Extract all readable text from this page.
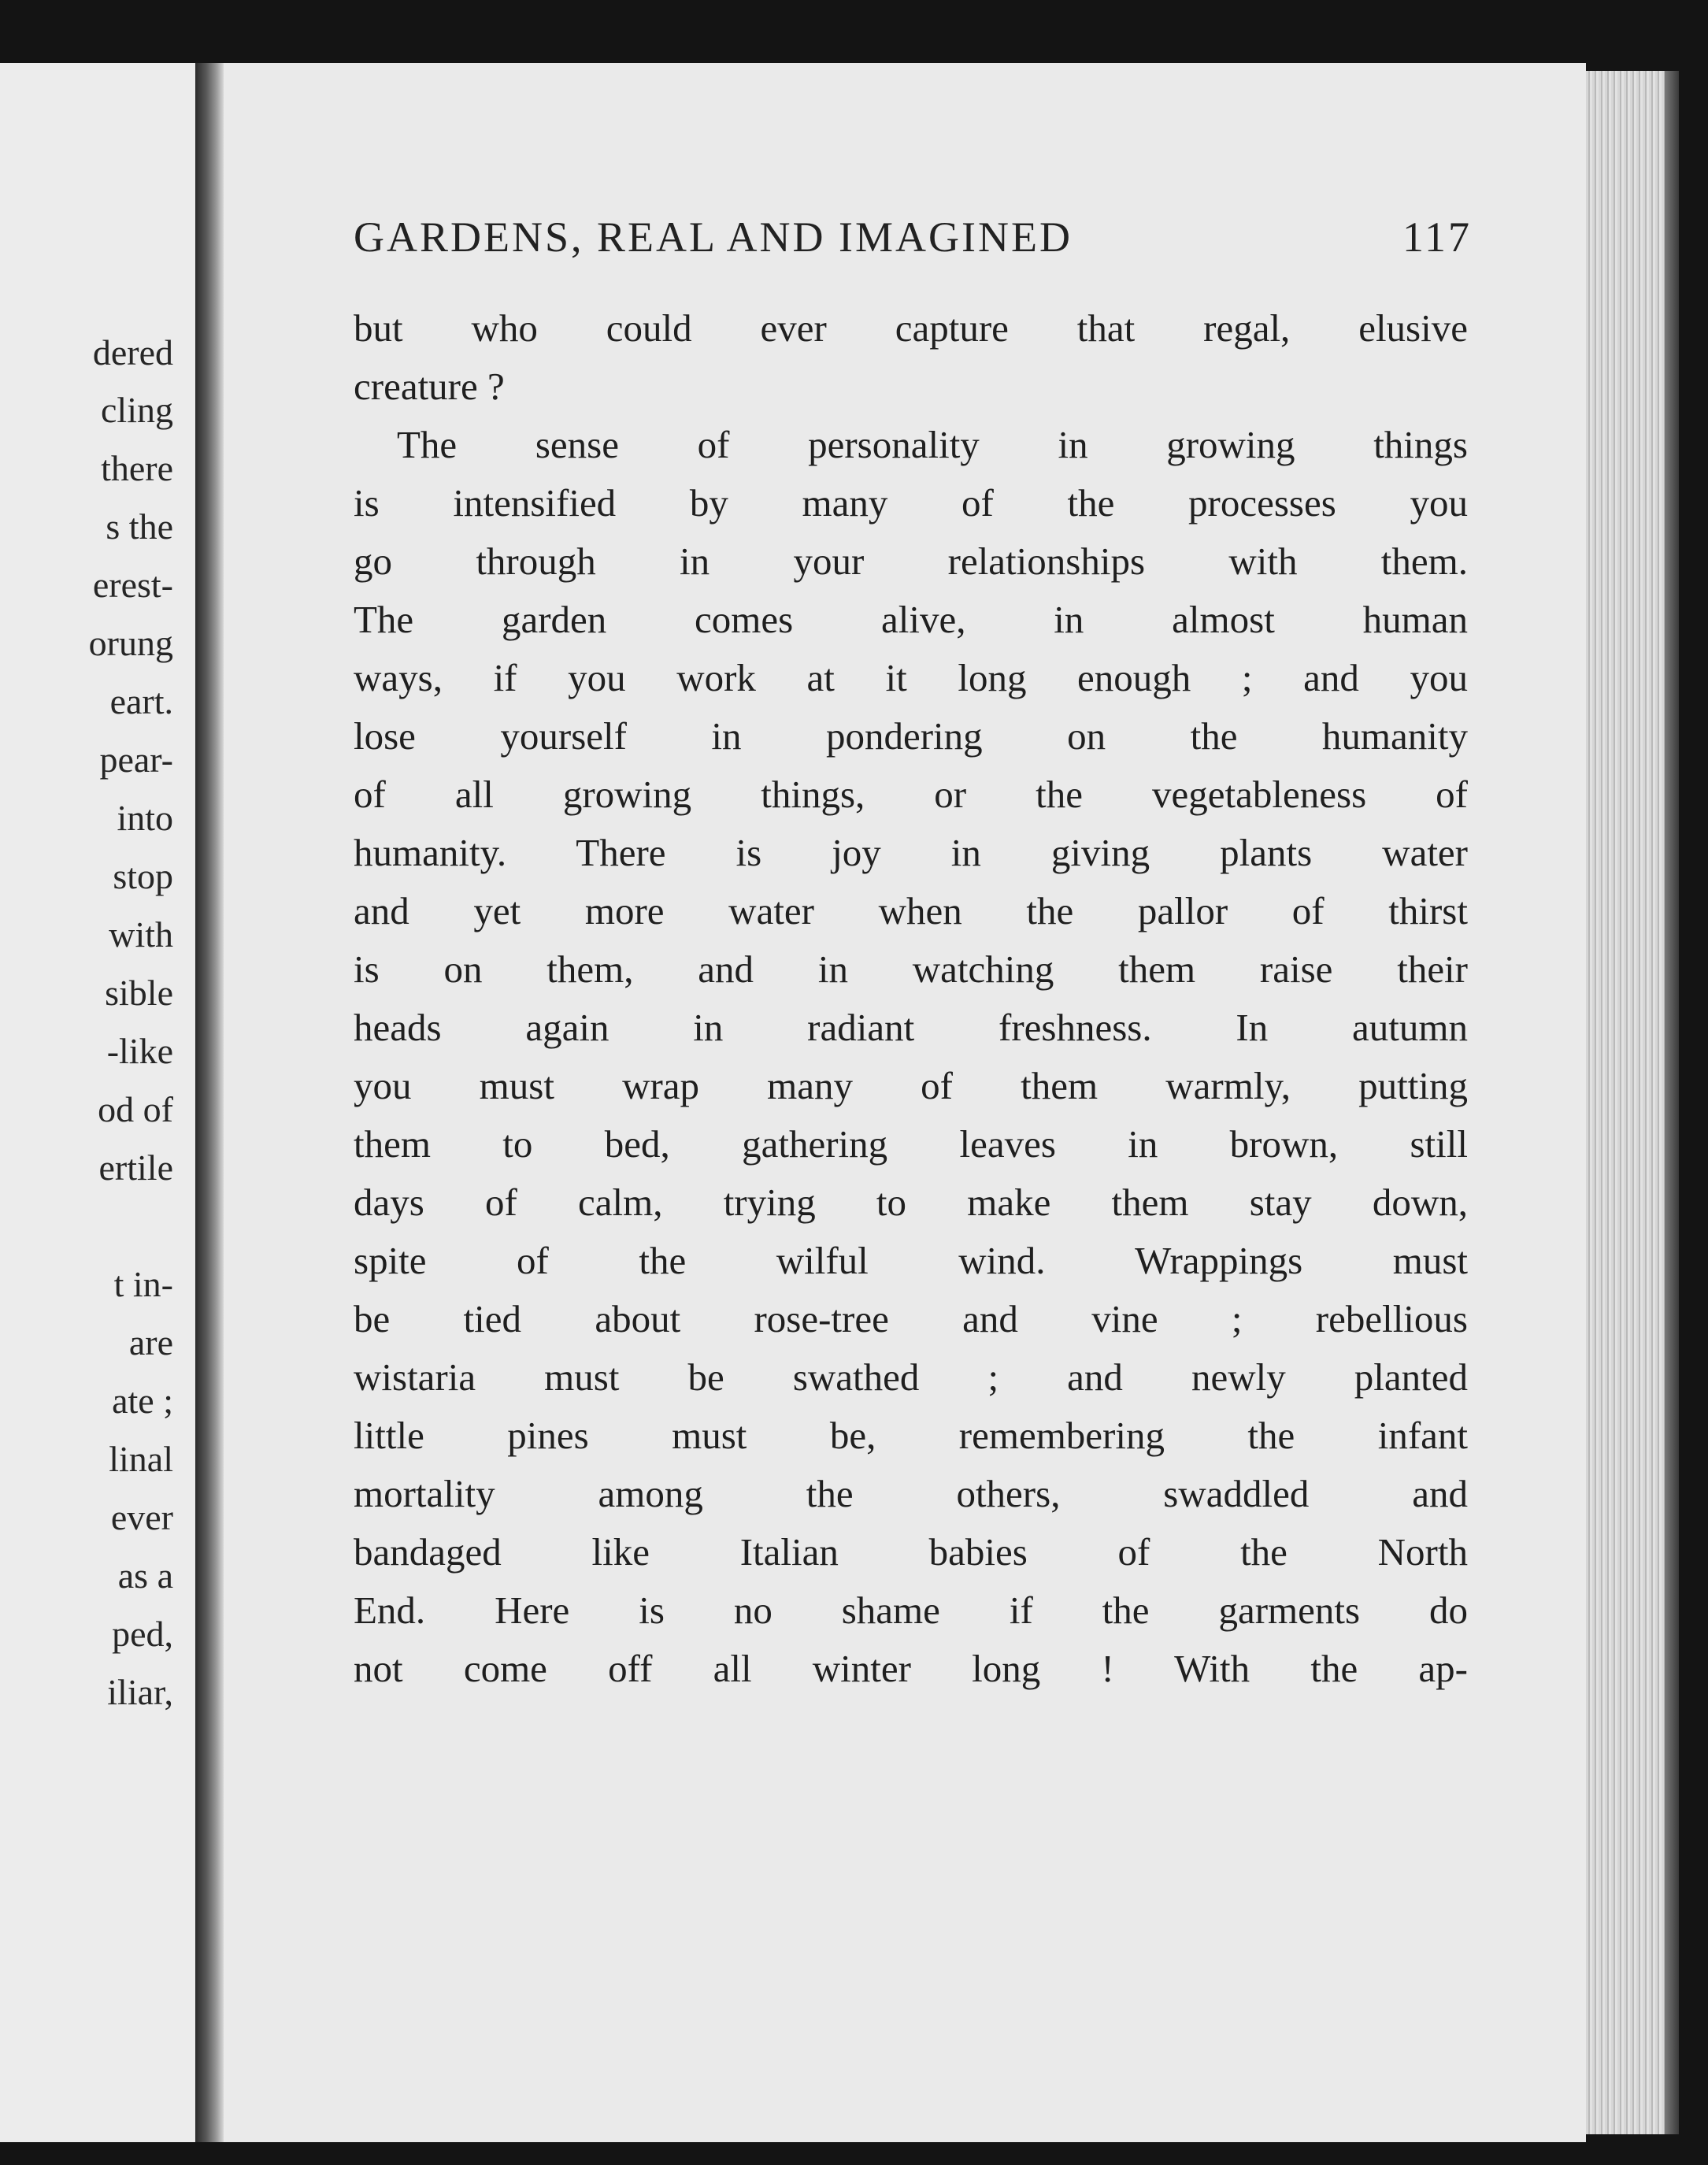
dered
cling
there
s the
erest-
orung
eart.
pear-
into
stop
with
sible
-like
od of
ertile
t in-
are
ate ;
linal
ever
as a
ped,
iliar,
GARDENS, REAL AND IMAGINED	117
but who could ever capture that regal, elusive
creature ?
The sense of personality in growing things
is intensified by many of the processes you
go through in your relationships with them.
The garden comes alive, in almost human
ways, if you work at it long enough ; and you
lose yourself in pondering on the humanity
of all growing things, or the vegetableness of
humanity. There is joy in giving plants water
and yet more water when the pallor of thirst
is on them, and in watching them raise their
heads again in radiant freshness. In autumn
you must wrap many of them warmly, putting
them to bed, gathering leaves in brown, still
days of calm, trying to make them stay down,
spite of the wilful wind. Wrappings must
be tied about rose-tree and vine ; rebellious
wistaria must be swathed ; and newly planted
little pines must be, remembering the infant
mortality among the others, swaddled and
bandaged like Italian babies of the North
End. Here is no shame if the garments do
not come off all winter long ! With the ap-
